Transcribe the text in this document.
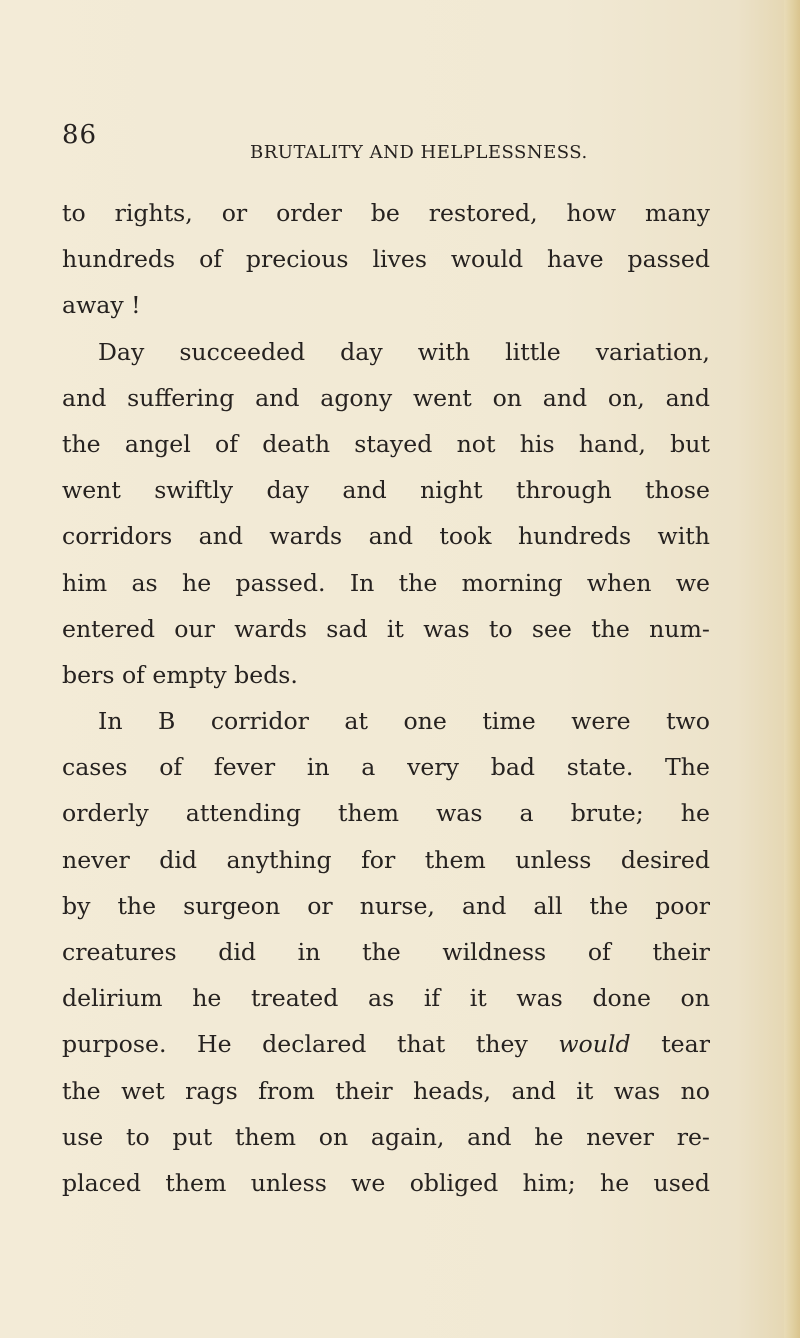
86
BRUTALITY AND HELPLESSNESS.
to rights, or order be restored, how many
hundreds of precious lives would have passed
away !
Day succeeded day with little variation,
and suffering and agony went on and on, and
the angel of death stayed not his hand, but
went swiftly day and night through those
corridors and wards and took hundreds with
him as he passed. In the morning when we
entered our wards sad it was to see the num-
bers of empty beds.
In B corridor at one time were two
cases of fever in a very bad state. The
orderly attending them was a brute; he
never did anything for them unless desired
by the surgeon or nurse, and all the poor
creatures did in the wildness of their
delirium he treated as if it was done on
purpose. He declared that they would tear
the wet rags from their heads, and it was no
use to put them on again, and he never re-
placed them unless we obliged him; he used
